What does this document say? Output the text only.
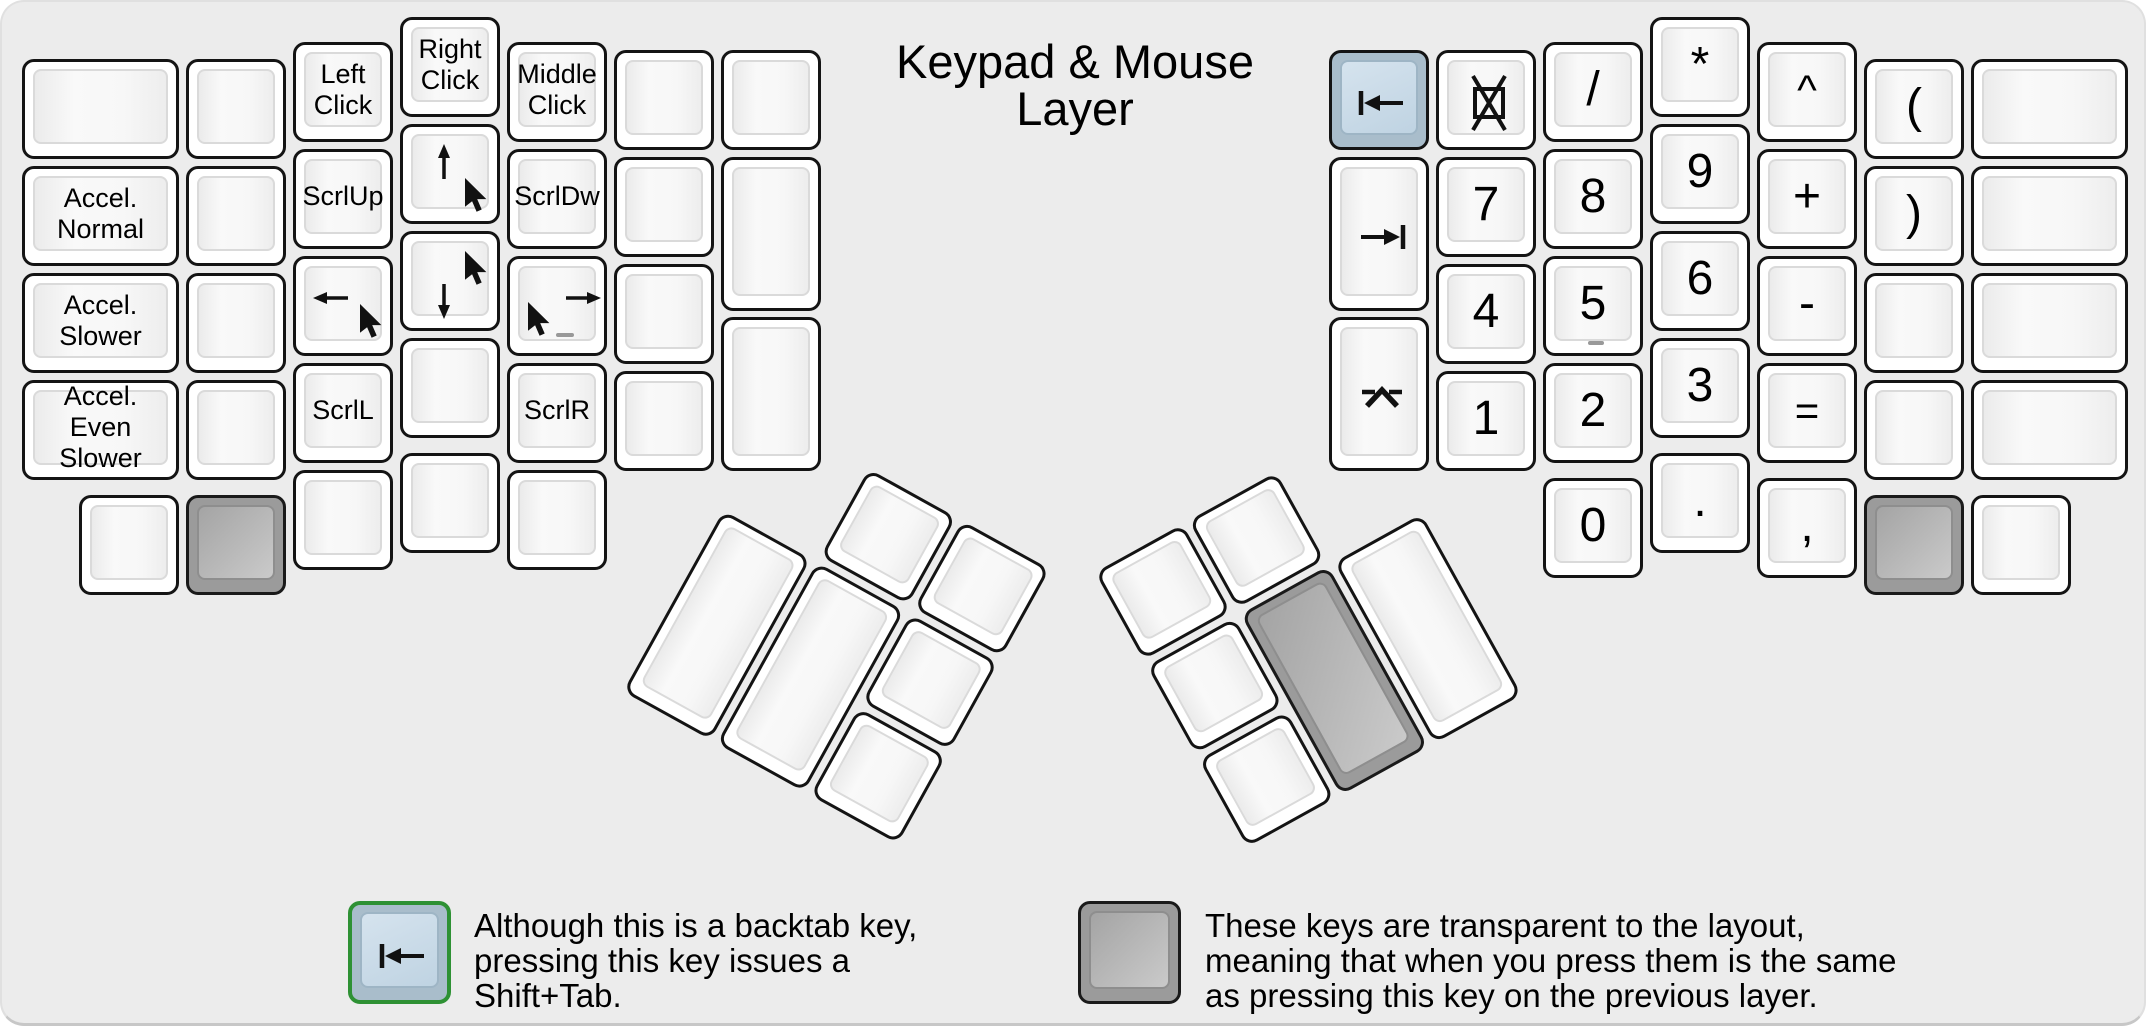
Keypad & Mouse
Layer
Accel.
Normal
Accel.
Slower
Accel.
Even
Slower
Left
Click
ScrlUp
ScrlL
Right
Click Middle
Click
ScrlDw
ScrlR
7
4
1
/
8
5
2
0
*
9
6
3
.
^
+
-
=
,
(
)
Although this is a backtab key,
pressing this key issues a
Shift+Tab.
These keys are transparent to the layout,
meaning that when you press them is the same
as pressing this key on the previous layer.
